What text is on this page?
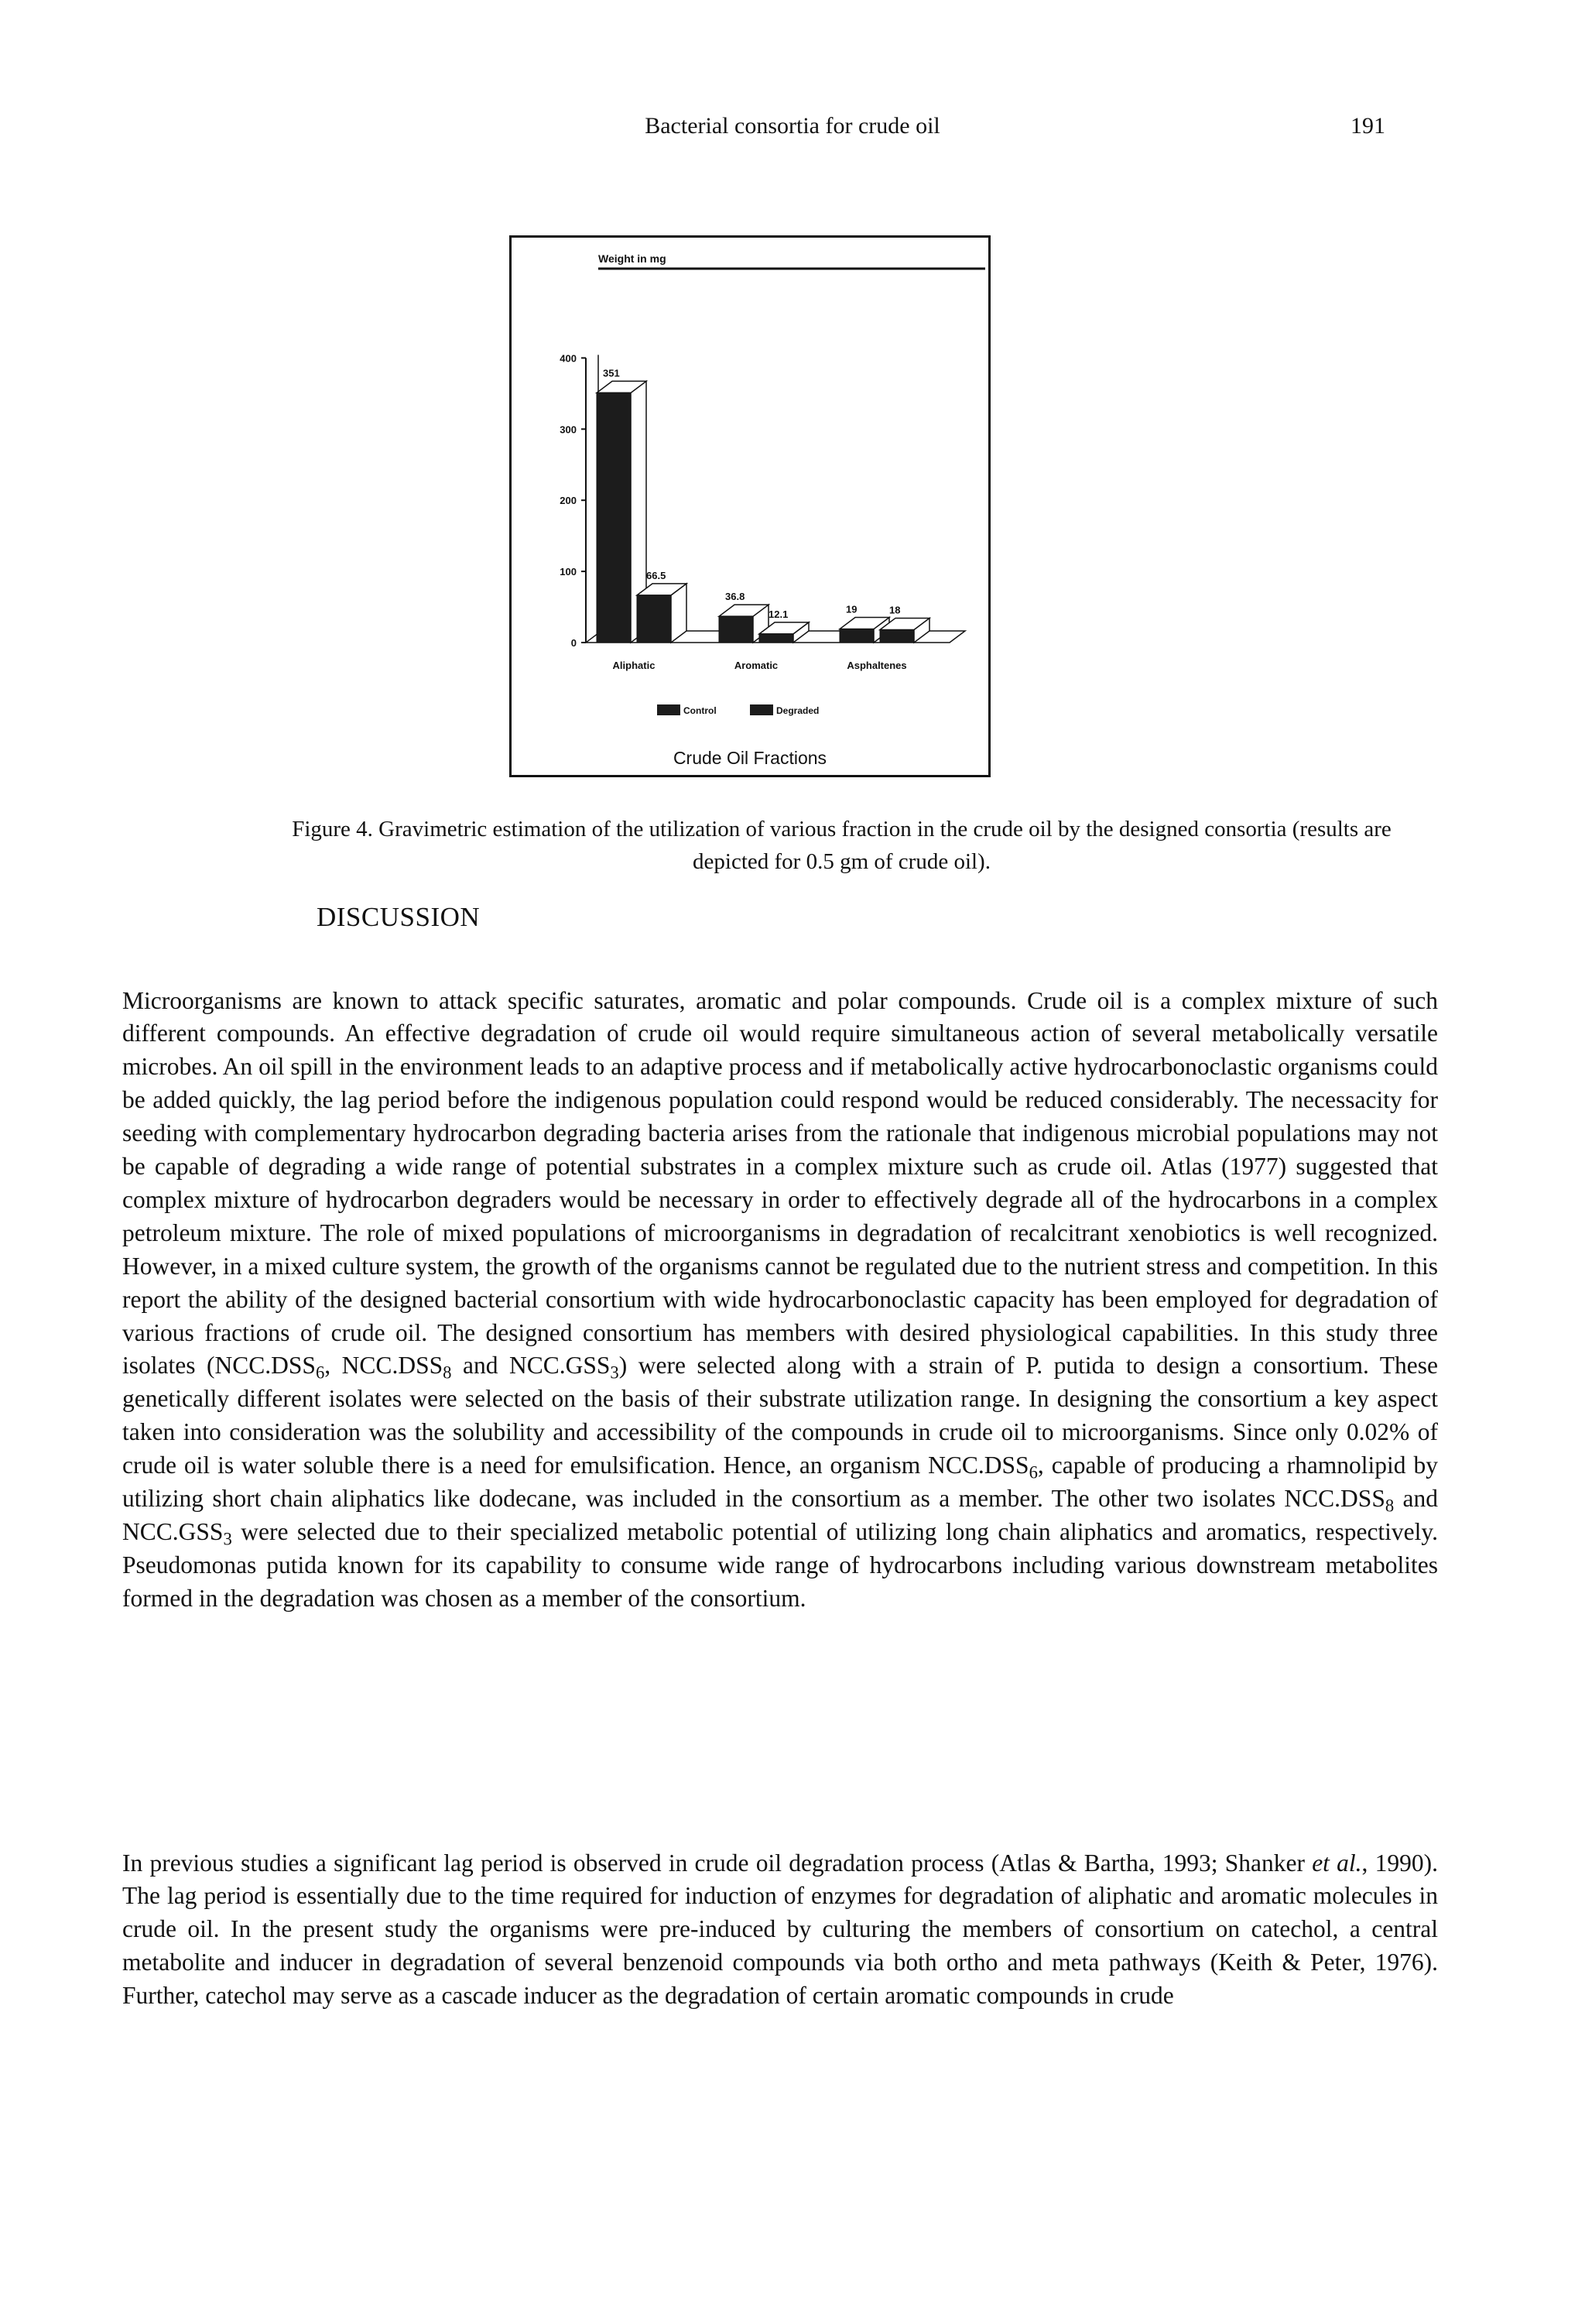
Bacterial consortia for crude oil	191
Weight in mg
0
100
200
300
400
351
66.5
Aliphatic
36.8
12.1
Aromatic
19	18
Asphaltenes
Control	Degraded
Crude Oil Fractions
Figure 4. Gravimetric estimation of the utilization of various fraction in the crude oil by the designed consortia (results are depicted for 0.5 gm of crude oil).
DISCUSSION

Microorganisms are known to attack specific saturates, aromatic and polar compounds. Crude oil is a complex mixture of such different compounds. An effective degradation of crude oil would require simultaneous action of several metabolically versatile microbes. An oil spill in the environment leads to an adaptive process and if metabolically active hydrocarbonoclastic organisms could be added quickly, the lag period before the indigenous population could respond would be reduced considerably. The necessacity for seeding with complementary hydrocarbon degrading bacteria arises from the rationale that indigenous microbial populations may not be capable of degrading a wide range of potential substrates in a complex mixture such as crude oil. Atlas (1977) suggested that complex mixture of hydrocarbon degraders would be necessary in order to effectively degrade all of the hydrocarbons in a complex petroleum mixture. The role of mixed populations of microorganisms in degradation of recalcitrant xenobiotics is well recognized. However, in a mixed culture system, the growth of the organisms cannot be regulated due to the nutrient stress and competition. In this report the ability of the designed bacterial consortium with wide hydrocarbonoclastic capacity has been employed for degradation of various fractions of crude oil. The designed consortium has members with desired physiological capabilities. In this study three isolates ($NCC.DSS_6$, $NCC.DSS_8$ and $NCC.GSS_3$) were selected along with a strain of P. putida to design a consortium. These genetically different isolates were selected on the basis of their substrate utilization range. In designing the consortium a key aspect taken into consideration was the solubility and accessibility of the compounds in crude oil to microorganisms. Since only 0.02% of crude oil is water soluble there is a need for emulsification. Hence, an organism $NCC.DSS_6$, capable of producing a rhamnolipid by utilizing short chain aliphatics like dodecane, was included in the consortium as a member. The other two isolates $NCC.DSS_8$ and $NCC.GSS_3$ were selected due to their specialized metabolic potential of utilizing long chain aliphatics and aromatics, respectively. Pseudomonas putida known for its capability to consume wide range of hydrocarbons including various downstream metabolites formed in the degradation was chosen as a member of the consortium.

In previous studies a significant lag period is observed in crude oil degradation process (Atlas & Bartha, 1993; Shanker et al., 1990). The lag period is essentially due to the time required for induction of enzymes for degradation of aliphatic and aromatic molecules in crude oil. In the present study the organisms were pre-induced by culturing the members of consortium on catechol, a central metabolite and inducer in degradation of several benzenoid compounds via both ortho and meta pathways (Keith & Peter, 1976). Further, catechol may serve as a cascade inducer as the degradation of certain aromatic compounds in crude
